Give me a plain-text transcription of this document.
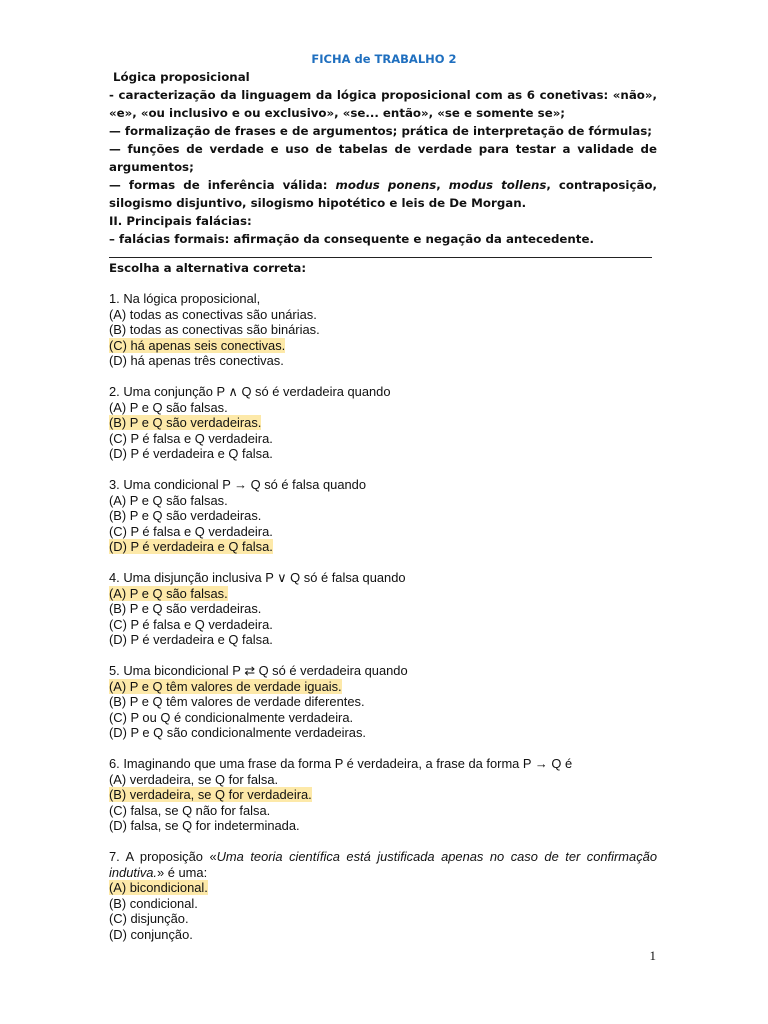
FICHA de TRABALHO 2

Lógica proposicional

- caracterização da linguagem da lógica proposicional com as 6 conetivas: «não», «e», «ou inclusivo e ou exclusivo», «se... então», «se e somente se»;

— formalização de frases e de argumentos; prática de interpretação de fórmulas;

— funções de verdade e uso de tabelas de verdade para testar a validade de argumentos;

— formas de inferência válida: modus ponens, modus tollens, contraposição, silogismo disjuntivo, silogismo hipotético e leis de De Morgan.

II. Principais falácias:

– falácias formais: afirmação da consequente e negação da antecedente.

Escolha a alternativa correta:
1. Na lógica proposicional,
(A) todas as conectivas são unárias.
(B) todas as conectivas são binárias.
(C) há apenas seis conectivas.
(D) há apenas três conectivas.
2. Uma conjunção P ∧ Q só é verdadeira quando
(A) P e Q são falsas.
(B) P e Q são verdadeiras.
(C) P é falsa e Q verdadeira.
(D) P é verdadeira e Q falsa.
3. Uma condicional P → Q só é falsa quando
(A) P e Q são falsas.
(B) P e Q são verdadeiras.
(C) P é falsa e Q verdadeira.
(D) P é verdadeira e Q falsa.
4. Uma disjunção inclusiva P ∨ Q só é falsa quando
(A) P e Q são falsas.
(B) P e Q são verdadeiras.
(C) P é falsa e Q verdadeira.
(D) P é verdadeira e Q falsa.
5. Uma bicondicional P ⇄ Q só é verdadeira quando
(A) P e Q têm valores de verdade iguais.
(B) P e Q têm valores de verdade diferentes.
(C) P ou Q é condicionalmente verdadeira.
(D) P e Q são condicionalmente verdadeiras.
6. Imaginando que uma frase da forma P é verdadeira, a frase da forma P → Q é
(A) verdadeira, se Q for falsa.
(B) verdadeira, se Q for verdadeira.
(C) falsa, se Q não for falsa.
(D) falsa, se Q for indeterminada.
7. A proposição «Uma teoria científica está justificada apenas no caso de ter confirmação indutiva.» é uma:
(A) bicondicional.
(B) condicional.
(C) disjunção.
(D) conjunção.
1
